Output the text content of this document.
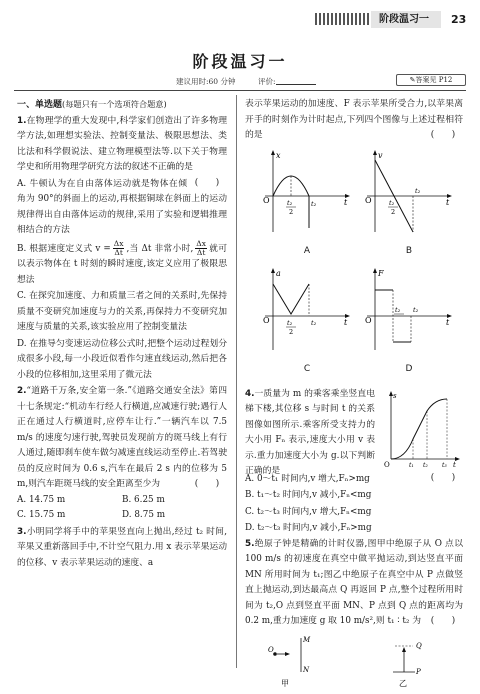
阶段温习一	23
阶段温习一
建议用时:60 分钟	评价:	✎答案见 P12
一、单选题(每题只有一个选项符合题意)
1.在物理学的重大发现中,科学家们创造出了许多物理学方法,如理想实验法、控制变量法、极限思想法、类比法和科学假说法、建立物理模型法等.以下关于物理学史和所用物理学研究方法的叙述不正确的是
(　　)
A. 牛顿认为在自由落体运动就是物体在倾角为 90°的斜面上的运动,再根据铜球在斜面上的运动规律得出自由落体运动的规律,采用了实验和逻辑推理相结合的方法
B. 根据速度定义式 $v = \frac{\Delta x}{\Delta t}$ ,当 Δt 非常小时, $\frac{\Delta x}{\Delta t}$ 就可以表示物体在 t 时刻的瞬时速度,该定义应用了极限思想法
C. 在探究加速度、力和质量三者之间的关系时,先保持质量不变研究加速度与力的关系,再保持力不变研究加速度与质量的关系,该实验应用了控制变量法
D. 在推导匀变速运动位移公式时,把整个运动过程划分成很多小段,每一小段近似看作匀速直线运动,然后把各小段的位移相加,这里采用了微元法
2.“道路千万条,安全第一条.”《道路交通安全法》第四十七条规定:“机动车行经人行横道,应减速行驶;遇行人正在通过人行横道时,应停车让行.”一辆汽车以 7.5 m/s 的速度匀速行驶,驾驶员发现前方的斑马线上有行人通过,随即刹车使车做匀减速直线运动至停止.若驾驶员的反应时间为 0.6 s,汽车在最后 2 s 内的位移为 5 m,则汽车距斑马线的安全距离至少为	(　　)
A. 14.75 m	B. 6.25 m
C. 15.75 m	D. 8.75 m
3.小明同学将手中的苹果竖直向上抛出,经过 t₂ 时间,苹果又重新落回手中,不计空气阻力.用 x 表示苹果运动的位移、v 表示苹果运动的速度、a
表示苹果运动的加速度、F 表示苹果所受合力,以苹果离开手的时刻作为计时起点,下列四个图像与上述过程相符的是	(　　)
x
O	t
t₂
2
t₂
A
v
O	t
t₂
2
t₂
B
a
O	t
t₂
2
t₂
C
F
O	t
t₂ t₂
D
4.一质量为 m 的乘客乘坐竖直电梯下楼,其位移 s 与时间 t 的关系图像如图所示.乘客所受支持力的大小用 Fₙ 表示,速度大小用 v 表示.重力加速度大小为 g.以下判断正确的是
s
O	t
t₁ t₂ t₃
(　　)
A. 0～t₁ 时间内,v 增大,Fₙ>mg
B. t₁～t₂ 时间内,v 减小,Fₙ<mg
C. t₂～t₃ 时间内,v 增大,Fₙ<mg
D. t₂～t₃ 时间内,v 减小,Fₙ>mg
5.绝原子钟是精确的计时仪器,图甲中绝原子从 O 点以 100 m/s 的初速度在真空中做平抛运动,到达竖直平面 MN 所用时间为 t₁;图乙中绝原子在真空中从 P 点做竖直上抛运动,到达最高点 Q 再返回 P 点,整个过程所用时间为 t₂,O 点到竖直平面 MN、P 点到 Q 点的距离均为 0.2 m,重力加速度 g 取 10 m/s²,则 t₁ ∶ t₂ 为	(　　)
O
M
N
甲
Q
P
乙
